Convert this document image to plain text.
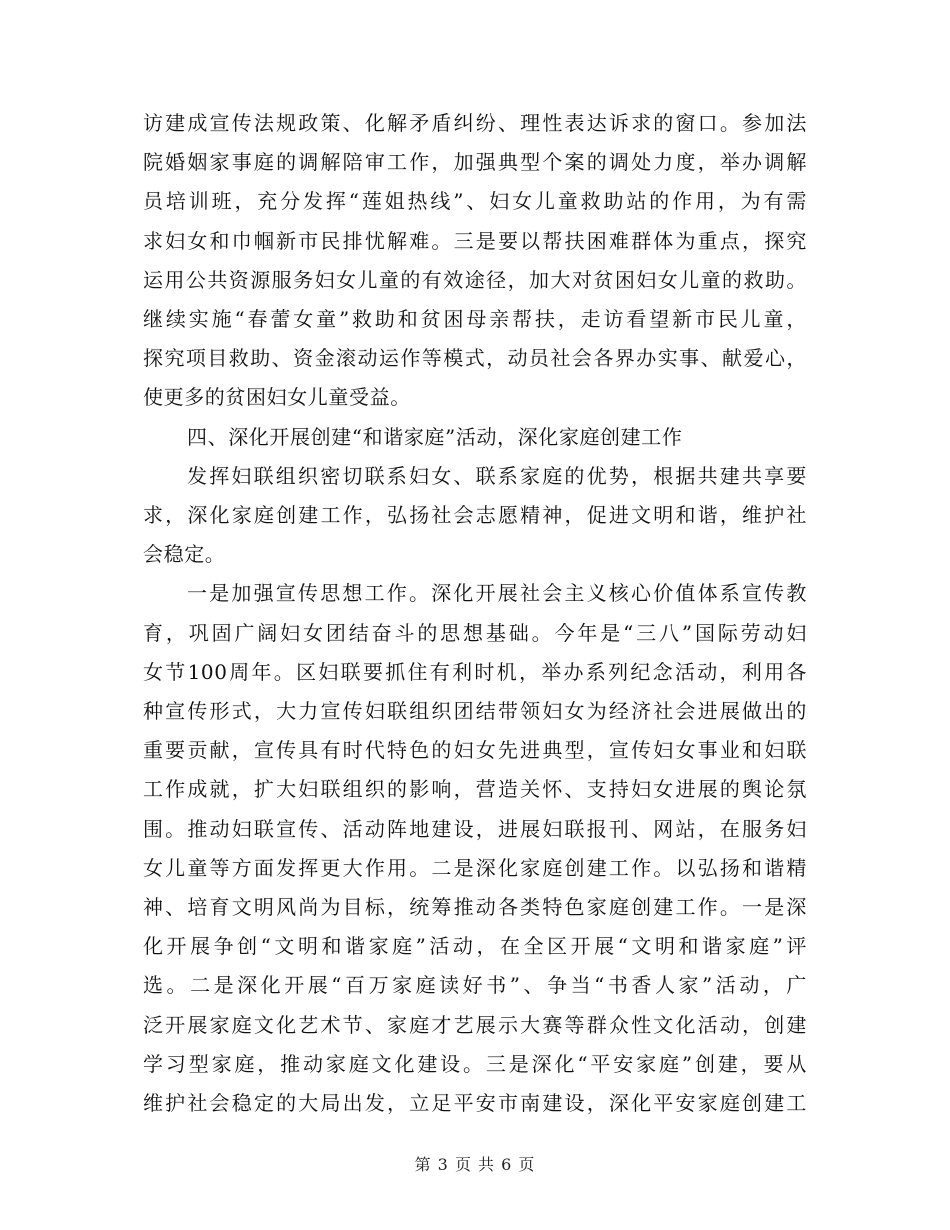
访建成宣传法规政策、化解矛盾纠纷、理性表达诉求的窗口。参加法
院婚姻家事庭的调解陪审工作，加强典型个案的调处力度，举办调解
员培训班，充分发挥“莲姐热线”、妇女儿童救助站的作用，为有需
求妇女和巾帼新市民排忧解难。三是要以帮扶困难群体为重点，探究
运用公共资源服务妇女儿童的有效途径，加大对贫困妇女儿童的救助。
继续实施“春蕾女童”救助和贫困母亲帮扶，走访看望新市民儿童，
探究项目救助、资金滚动运作等模式，动员社会各界办实事、献爱心，
使更多的贫困妇女儿童受益。
四、深化开展创建“和谐家庭”活动，深化家庭创建工作
发挥妇联组织密切联系妇女、联系家庭的优势，根据共建共享要
求，深化家庭创建工作，弘扬社会志愿精神，促进文明和谐，维护社
会稳定。
一是加强宣传思想工作。深化开展社会主义核心价值体系宣传教
育，巩固广阔妇女团结奋斗的思想基础。今年是“三八”国际劳动妇
女节100周年。区妇联要抓住有利时机，举办系列纪念活动，利用各
种宣传形式，大力宣传妇联组织团结带领妇女为经济社会进展做出的
重要贡献，宣传具有时代特色的妇女先进典型，宣传妇女事业和妇联
工作成就，扩大妇联组织的影响，营造关怀、支持妇女进展的舆论氛
围。推动妇联宣传、活动阵地建设，进展妇联报刊、网站，在服务妇
女儿童等方面发挥更大作用。二是深化家庭创建工作。以弘扬和谐精
神、培育文明风尚为目标，统筹推动各类特色家庭创建工作。一是深
化开展争创“文明和谐家庭”活动，在全区开展“文明和谐家庭”评
选。二是深化开展“百万家庭读好书”、争当“书香人家”活动，广
泛开展家庭文化艺术节、家庭才艺展示大赛等群众性文化活动，创建
学习型家庭，推动家庭文化建设。三是深化“平安家庭”创建，要从
维护社会稳定的大局出发，立足平安市南建设，深化平安家庭创建工
第 3 页 共 6 页
